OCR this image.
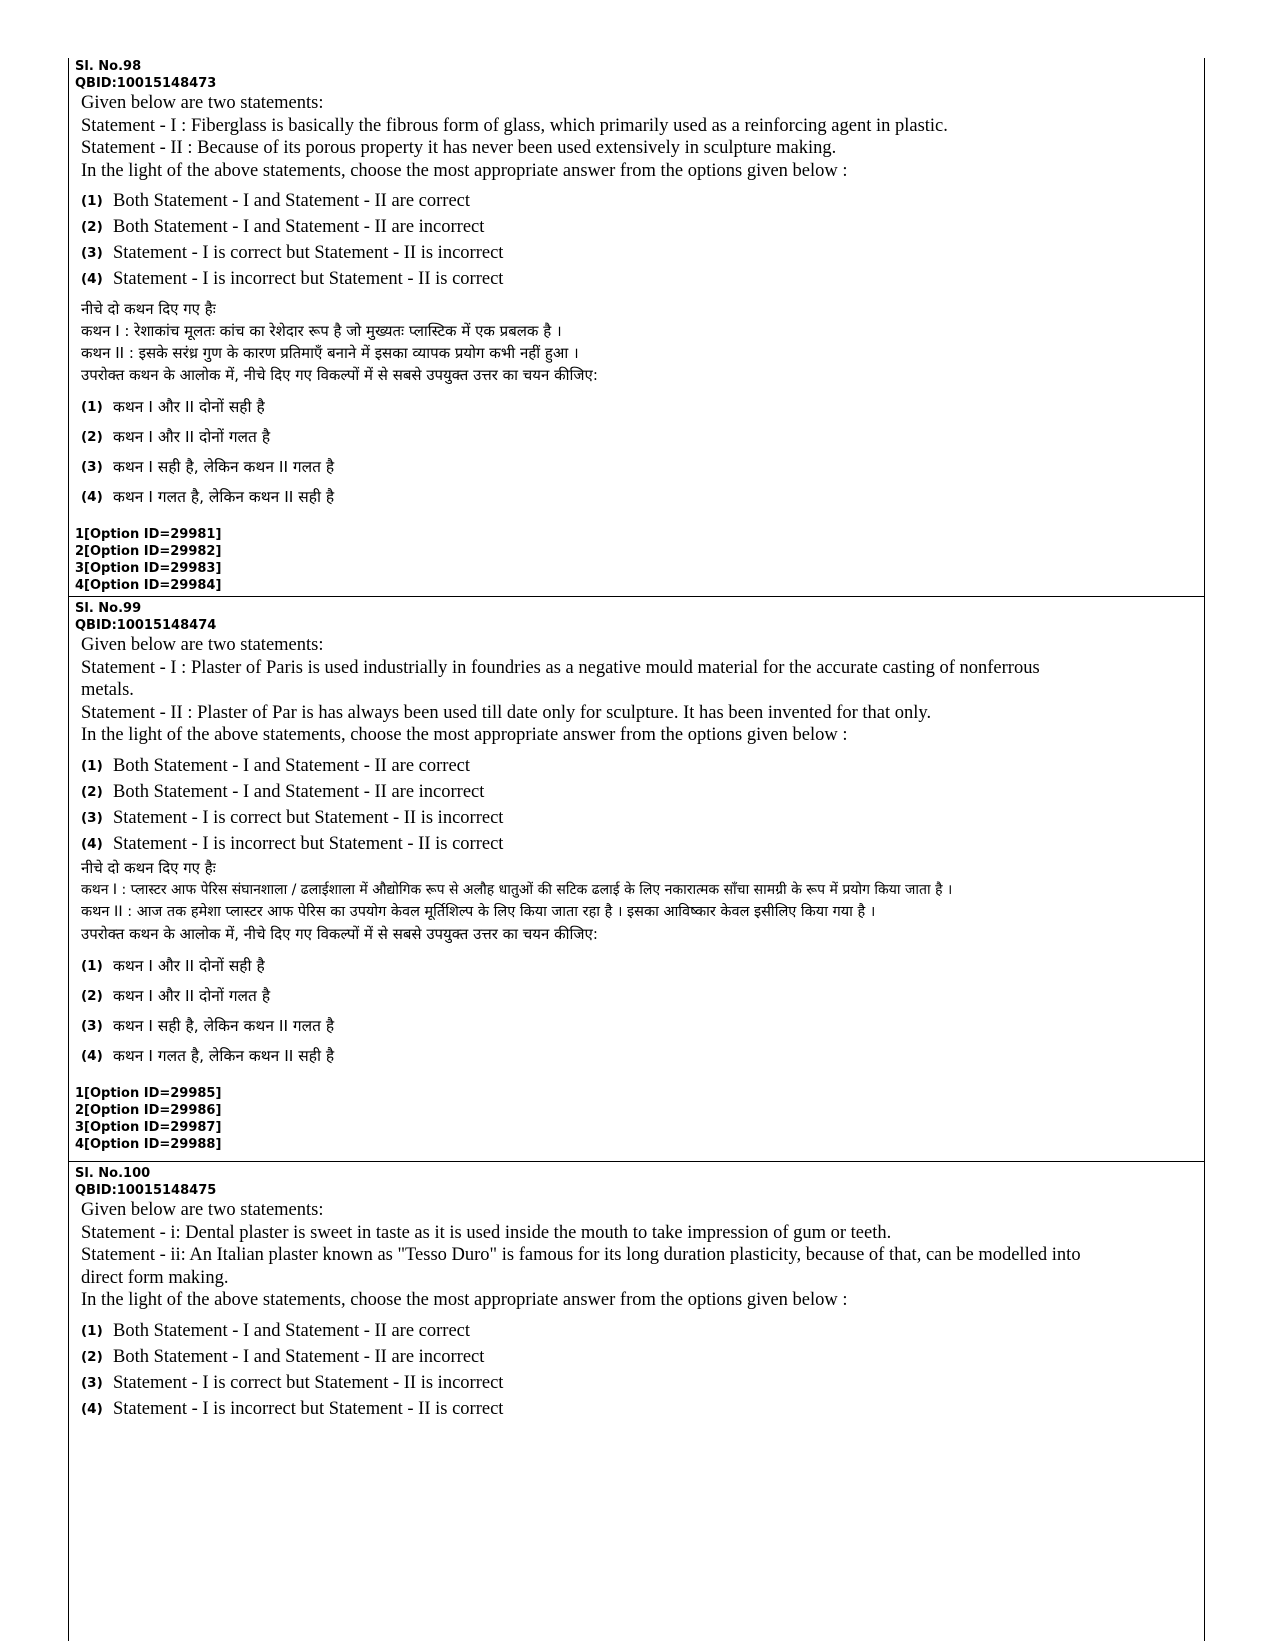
Sl. No.98
QBID:10015148473
Given below are two statements:
Statement - I : Fiberglass is basically the fibrous form of glass, which primarily used as a reinforcing agent in plastic.
Statement - II : Because of its porous property it has never been used extensively in sculpture making.
In the light of the above statements, choose the most appropriate answer from the options given below :
(1) Both Statement - I and Statement - II are correct
(2) Both Statement - I and Statement - II are incorrect
(3) Statement - I is correct but Statement - II is incorrect
(4) Statement - I is incorrect but Statement - II is correct
नीचे दो कथन दिए गए हैः
कथन I : रेशाकांच मूलतः कांच का रेशेदार रूप है जो मुख्यतः प्लास्टिक में एक प्रबलक है ।
कथन II : इसके सरंध्र गुण के कारण प्रतिमाएँ बनाने में इसका व्यापक प्रयोग कभी नहीं हुआ ।
उपरोक्त कथन के आलोक में, नीचे दिए गए विकल्पों में से सबसे उपयुक्त उत्तर का चयन कीजिए:
(1) कथन I और II दोनों सही है
(2) कथन I और II दोनों गलत है
(3) कथन I सही है, लेकिन कथन II गलत है
(4) कथन I गलत है, लेकिन कथन II सही है
1[Option ID=29981]
2[Option ID=29982]
3[Option ID=29983]
4[Option ID=29984]
Sl. No.99
QBID:10015148474
Given below are two statements:
Statement - I : Plaster of Paris is used industrially in foundries as a negative mould material for the accurate casting of nonferrous
metals.
Statement - II : Plaster of Par is has always been used till date only for sculpture. It has been invented for that only.
In the light of the above statements, choose the most appropriate answer from the options given below :
(1) Both Statement - I and Statement - II are correct
(2) Both Statement - I and Statement - II are incorrect
(3) Statement - I is correct but Statement - II is incorrect
(4) Statement - I is incorrect but Statement - II is correct
नीचे दो कथन दिए गए हैः
कथन I : प्लास्टर आफ पेरिस संघानशाला / ढलाईशाला में औद्योगिक रूप से अलौह धातुओं की सटिक ढलाई के लिए नकारात्मक साँचा सामग्री के रूप में प्रयोग किया जाता है ।
कथन II : आज तक हमेशा प्लास्टर आफ पेरिस का उपयोग केवल मूर्तिशिल्प के लिए किया जाता रहा है । इसका आविष्कार केवल इसीलिए किया गया है ।
उपरोक्त कथन के आलोक में, नीचे दिए गए विकल्पों में से सबसे उपयुक्त उत्तर का चयन कीजिए:
(1) कथन I और II दोनों सही है
(2) कथन I और II दोनों गलत है
(3) कथन I सही है, लेकिन कथन II गलत है
(4) कथन I गलत है, लेकिन कथन II सही है
1[Option ID=29985]
2[Option ID=29986]
3[Option ID=29987]
4[Option ID=29988]
Sl. No.100
QBID:10015148475
Given below are two statements:
Statement - i: Dental plaster is sweet in taste as it is used inside the mouth to take impression of gum or teeth.
Statement - ii: An Italian plaster known as "Tesso Duro" is famous for its long duration plasticity, because of that, can be modelled into
direct form making.
In the light of the above statements, choose the most appropriate answer from the options given below :
(1) Both Statement - I and Statement - II are correct
(2) Both Statement - I and Statement - II are incorrect
(3) Statement - I is correct but Statement - II is incorrect
(4) Statement - I is incorrect but Statement - II is correct
